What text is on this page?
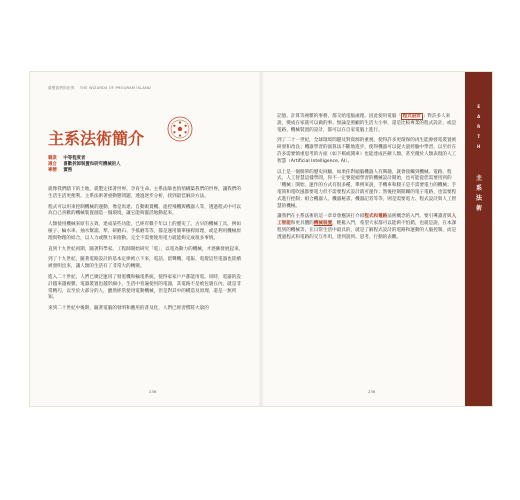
重塑我們的世界 THE WIZARDS OF PROGRAM ISLAND
主系法術簡介
職業 中等程度者
適合 喜歡拆卸裝置和研究機械的人
專精 實務

就像我們踏下的土地，就製定揉著世界、孕育生命。主系法師也悄悄構築我們的世界，讓我們的生活生活更便利。主系法術著重動態問題，透過逐步分析，找到最佳解決方法。

程式可以用來控制機械的運動，像是馬達、自動販賣機、遙控飛機與機器人等，透過程式中可以為自己喜歡的機械裝置創造一個環境，讓它能夠靈活地動起來。

人類使用機械來原有五效，達成某些功能，已經有數千年以上的歷史了。古早的機械工具，例如槓子、輪水車、抽水幫浦、犁、研磨石、手搖磨等等，都是運用簡單槓桿原理，或是利用機械原理與物理的結合，以人力或獸力來推動。完全不需要使用電力就能夠完成很多事情。

直到十九世紀初期，隨著科學家、工程師開始研究「電」，以電為動力的機械，才逐漸發展起來。

到了十九世紀，隨著電路設計的基本定律被立下來，電話、留聲機、電報、電燈這些電器也陸續被發明出來，讓人類的生活有了非常大的轉變。

進入二十世紀，人們已廣泛運用了發電機和輸電系統，使得家家戶戶都能用電。同時，電器的設計越來越複雜，電器裝置也越形細小，生活中普遍使用的電器，其電路不是被包裹在內，就是非常精巧，以至於大部分的人，雖然經常使用電動機械，但是對其中的構造及原理，還是一無所知。

來到二十世紀中後期，隨著電腦的發明和應用的普及化，人們已經習慣將大量的

236

記憶、計算等複雜的事務，都交給電腦處理。因此使用電腦「 程式設計 」對許多人來說，變成在家就可以做的事。無論是照顧的生活大小事，還是比較專業的程式設計，或是電路、機械裝置的設計，都可以在自家電腦上進行。

到了二十一世紀，全球環境問題及對資源的重視，使得許多更環保的再生能源發電裝置被研發和改良；機器學習的演算法不斷地進步，使得機器可以從大量經驗中學習，以至於在許多需要慎重思考的方面（如下棋或開車）也能達成匹敵人類、甚至優於人類表現的人工智慧（Artificial Intelligence, AI）。

以上是一個簡單的歷史回顧，如果你對頭腦機器人有興趣，就會接觸到機械、電路、程式、人工智慧這樣學問，你不一定要從頭學習的機械設計開始，也可能從您需要用到的「機械」開始，運作的方式有很多種，舉例來說，手機車和腿子是不需要電力的機械；手電筒和電吹風都要電力但不需要程式設計就可運作；然後控制開關的電子電路，也需要程式進行控制；組合機器人、機器秘書、機器記者等等，則是需要電力、程式設計與人工智慧的機械。

讓我們在主系法術的這一章章會應該打介紹程式和電路法術概念的入門。要引導讀者與人工智能和更具體的機械裝置，輕鬆入門，希望大家都可以能夠不怕錯，也就是說，在本課程到的機械等，在日常生活中最具的，就是了解程式設計的電路和運動的人腦控制，而是透過程式和電路的交互作用，達到說到、思考、行動的表觀。

236
E
A
R
T
H
主
系
法
術
